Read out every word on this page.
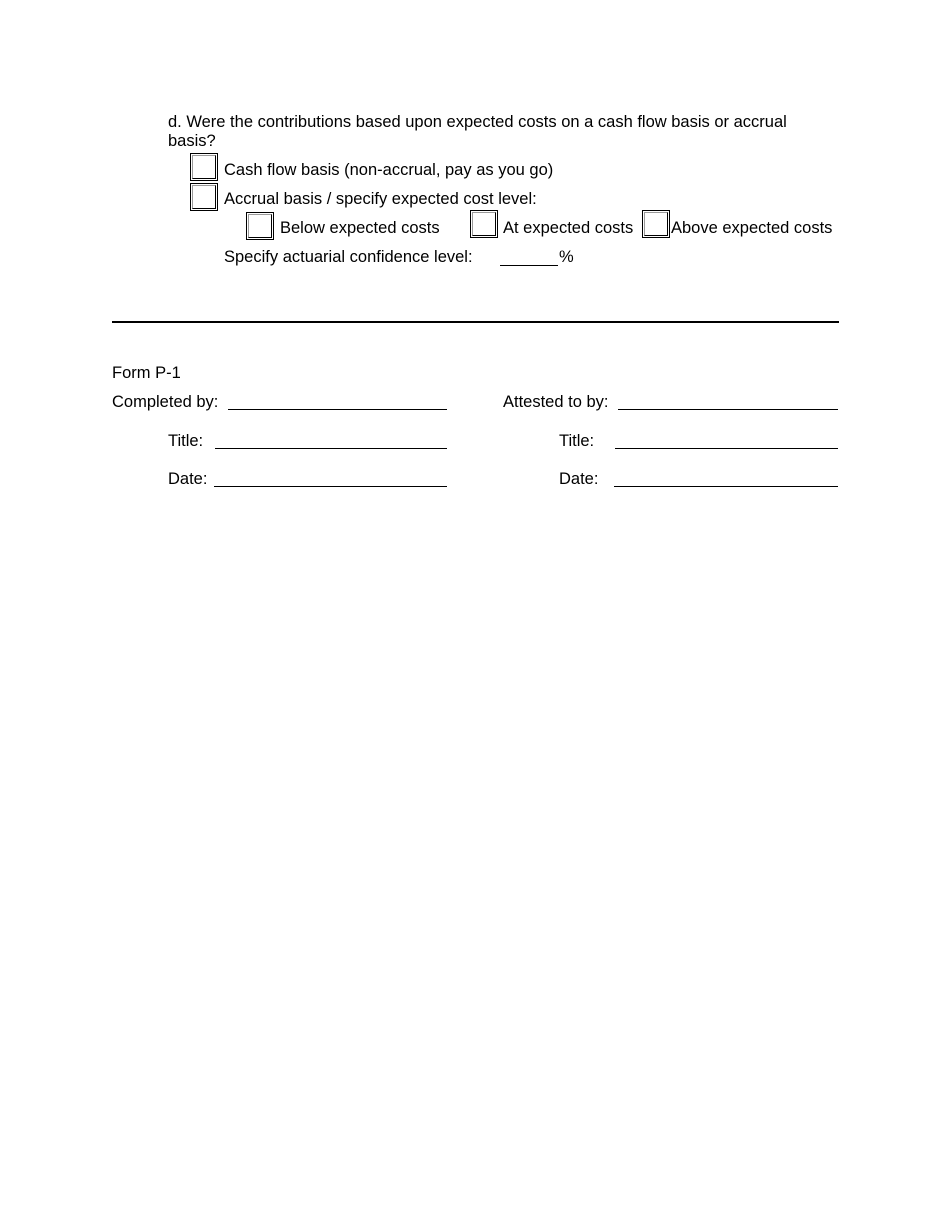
d. Were the contributions based upon expected costs on a cash flow basis or accrual
basis?
Cash flow basis (non-accrual, pay as you go)
Accrual basis / specify expected cost level:
Below expected costs	At expected costs Above expected costs
Specify actuarial confidence level:	%
Form P-1
Completed by:	Attested to by:
Title:	Title:
Date:	Date:
